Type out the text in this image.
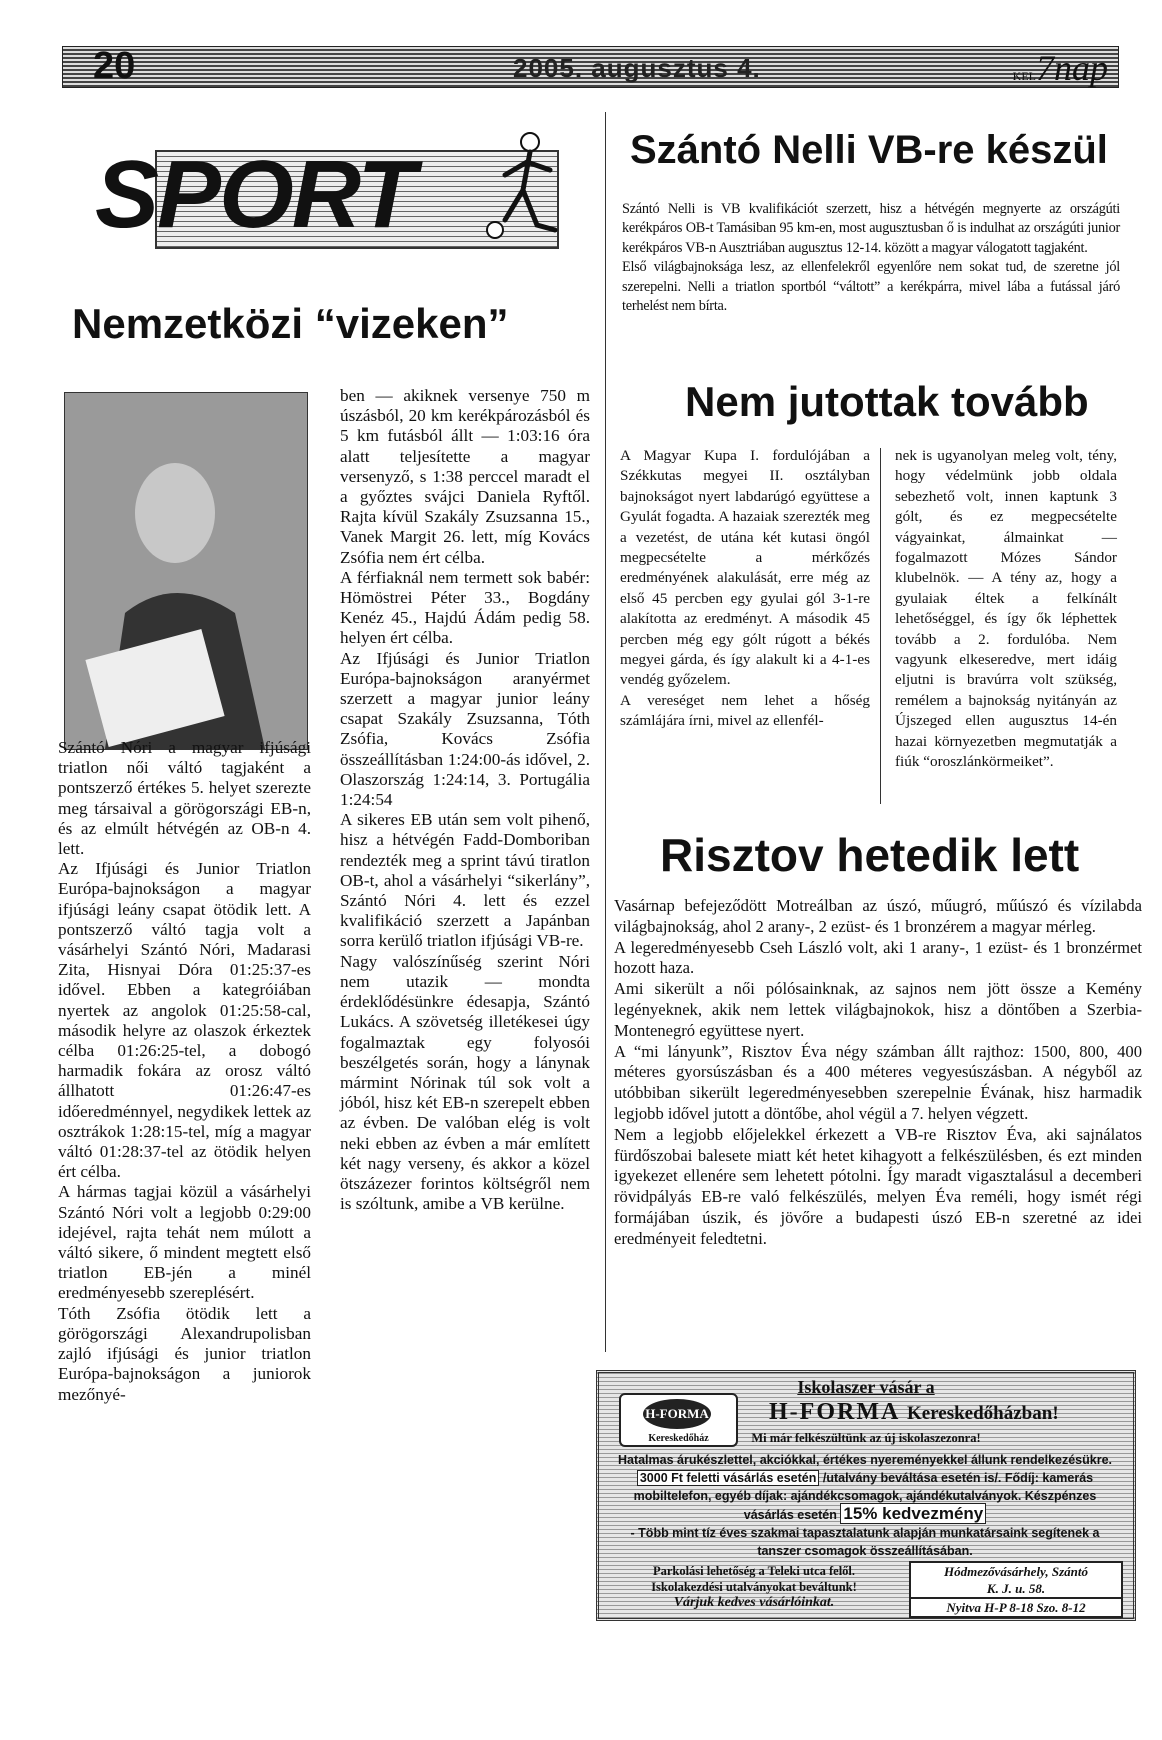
20	2005. augusztus 4.	KEL7nap
SPORT
Nemzetközi “vizeken”

Szántó Nóri a magyar ifjúsági triatlon női váltó tagjaként a pontszerző értékes 5. helyet szerezte meg társaival a görögországi EB-n, és az elmúlt hétvégén az OB-n 4. lett.

Az Ifjúsági és Junior Triatlon Európa-bajnokságon a magyar ifjúsági leány csapat ötödik lett. A pontszerző váltó tagja volt a vásárhelyi Szántó Nóri, Madarasi Zita, Hisnyai Dóra 01:25:37-es idővel. Ebben a kategróiában nyertek az angolok 01:25:58-cal, második helyre az olaszok érkeztek célba 01:26:25-tel, a dobogó harmadik fokára az orosz váltó állhatott 01:26:47-es időeredménnyel, negydikek lettek az osztrákok 1:28:15-tel, míg a magyar váltó 01:28:37-tel az ötödik helyen ért célba.

A hármas tagjai közül a vásárhelyi Szántó Nóri volt a legjobb 0:29:00 idejével, rajta tehát nem múlott a váltó sikere, ő mindent megtett első triatlon EB-jén a minél eredményesebb szereplésért.

Tóth Zsófia ötödik lett a görögországi Alexandrupolisban zajló ifjúsági és junior triatlon Európa-bajnokságon a juniorok mezőnyé-

ben — akiknek versenye 750 m úszásból, 20 km kerékpározásból és 5 km futásból állt — 1:03:16 óra alatt teljesítette a magyar versenyző, s 1:38 perccel maradt el a győztes svájci Daniela Ryftől. Rajta kívül Szakály Zsuzsanna 15., Vanek Margit 26. lett, míg Kovács Zsófia nem ért célba.

A férfiaknál nem termett sok babér: Hömöstrei Péter 33., Bogdány Kenéz 45., Hajdú Ádám pedig 58. helyen ért célba.

Az Ifjúsági és Junior Triatlon Európa-bajnokságon aranyérmet szerzett a magyar junior leány csapat Szakály Zsuzsanna, Tóth Zsófia, Kovács Zsófia összeállításban 1:24:00-ás idővel, 2. Olaszország 1:24:14, 3. Portugália 1:24:54

A sikeres EB után sem volt pihenő, hisz a hétvégén Fadd-Domboriban rendezték meg a sprint távú tiratlon OB-t, ahol a vásárhelyi “sikerlány”, Szántó Nóri 4. lett és ezzel kvalifikáció szerzett a Japánban sorra kerülő triatlon ifjúsági VB-re.

Nagy valószínűség szerint Nóri nem utazik — mondta érdeklődésünkre édesapja, Szántó Lukács. A szövetség illetékesei úgy fogalmaztak egy folyosói beszélgetés során, hogy a lánynak mármint Nórinak túl sok volt a jóból, hisz két EB-n szerepelt ebben az évben. De valóban elég is volt neki ebben az évben a már említett két nagy verseny, és akkor a közel ötszázezer forintos költségről nem is szóltunk, amibe a VB kerülne.

Szántó Nelli VB-re készül

Szántó Nelli is VB kvalifikációt szerzett, hisz a hétvégén megnyerte az országúti kerékpáros OB-t Tamásiban 95 km-en, most augusztusban ő is indulhat az országúti junior kerékpáros VB-n Ausztriában augusztus 12-14. között a magyar válogatott tagjaként.

Első világbajnoksága lesz, az ellenfelekről egyenlőre nem sokat tud, de szeretne jól szerepelni. Nelli a triatlon sportból “váltott” a kerékpárra, mivel lába a futással járó terhelést nem bírta.

Nem jutottak tovább

A Magyar Kupa I. fordulójában a Székkutas megyei II. osztályban bajnokságot nyert labdarúgó együttese a Gyulát fogadta. A hazaiak szerezték meg a vezetést, de utána két kutasi öngól megpecsételte a mérkőzés eredményének alakulását, erre még az első 45 percben egy gyulai gól 3-1-re alakította az eredményt. A második 45 percben még egy gólt rúgott a békés megyei gárda, és így alakult ki a 4-1-es vendég győzelem.

A vereséget nem lehet a hőség számlájára írni, mivel az ellenfél-

nek is ugyanolyan meleg volt, tény, hogy védelmünk jobb oldala sebezhető volt, innen kaptunk 3 gólt, és ez megpecsételte vágyainkat, álmainkat — fogalmazott Mózes Sándor klubelnök. — A tény az, hogy a gyulaiak éltek a felkínált lehetőséggel, és így ők léphettek tovább a 2. fordulóba. Nem vagyunk elkeseredve, mert idáig eljutni is bravúrra volt szükség, remélem a bajnokság nyitányán az Újszeged ellen augusztus 14-én hazai környezetben megmutatják a fiúk “oroszlánkörmeiket”.

Risztov hetedik lett

Vasárnap befejeződött Motreálban az úszó, műugró, műúszó és vízilabda világbajnokság, ahol 2 arany-, 2 ezüst- és 1 bronzérem a magyar mérleg.

A legeredményesebb Cseh László volt, aki 1 arany-, 1 ezüst- és 1 bronzérmet hozott haza.

Ami sikerült a női pólósainknak, az sajnos nem jött össze a Kemény legényeknek, akik nem lettek világbajnokok, hisz a döntőben a Szerbia-Montenegró együttese nyert.

A “mi lányunk”, Risztov Éva négy számban állt rajthoz: 1500, 800, 400 méteres gyorsúszásban és a 400 méteres vegyesúszásban. A négyből az utóbbiban sikerült legeredményesebben szerepelnie Évának, hisz harmadik legjobb idővel jutott a döntőbe, ahol végül a 7. helyen végzett.

Nem a legjobb előjelekkel érkezett a VB-re Risztov Éva, aki sajnálatos fürdőszobai balesete miatt két hetet kihagyott a felkészülésben, és ezt minden igyekezet ellenére sem lehetett pótolni. Így maradt vigasztalásul a decemberi rövidpályás EB-re való felkészülés, melyen Éva reméli, hogy ismét régi formájában úszik, és jövőre a budapesti úszó EB-n szeretné az idei eredményeit feledtetni.

H-FORMA
Kereskedőház
Iskolaszer vásár a
H-FORMA Kereskedőházban!
Mi már felkészültünk az új iskolaszezonra!
Hatalmas árukészlettel, akciókkal, értékes nyereményekkel állunk rendelkezésükre. 3000 Ft feletti vásárlás esetén /utalvány beváltása esetén is/. Fődíj: kamerás mobiltelefon, egyéb díjak: ajándékcsomagok, ajándékutalványok. Készpénzes vásárlás esetén 15% kedvezmény
- Több mint tíz éves szakmai tapasztalatunk alapján munkatársaink segítenek a tanszer csomagok összeállításában.
Parkolási lehetőség a Teleki utca felől.
Iskolakezdési utalványokat beváltunk!
Várjuk kedves vásárlóinkat.
Hódmezővásárhely, Szántó
K. J. u. 58.
Nyitva H-P 8-18 Szo. 8-12
